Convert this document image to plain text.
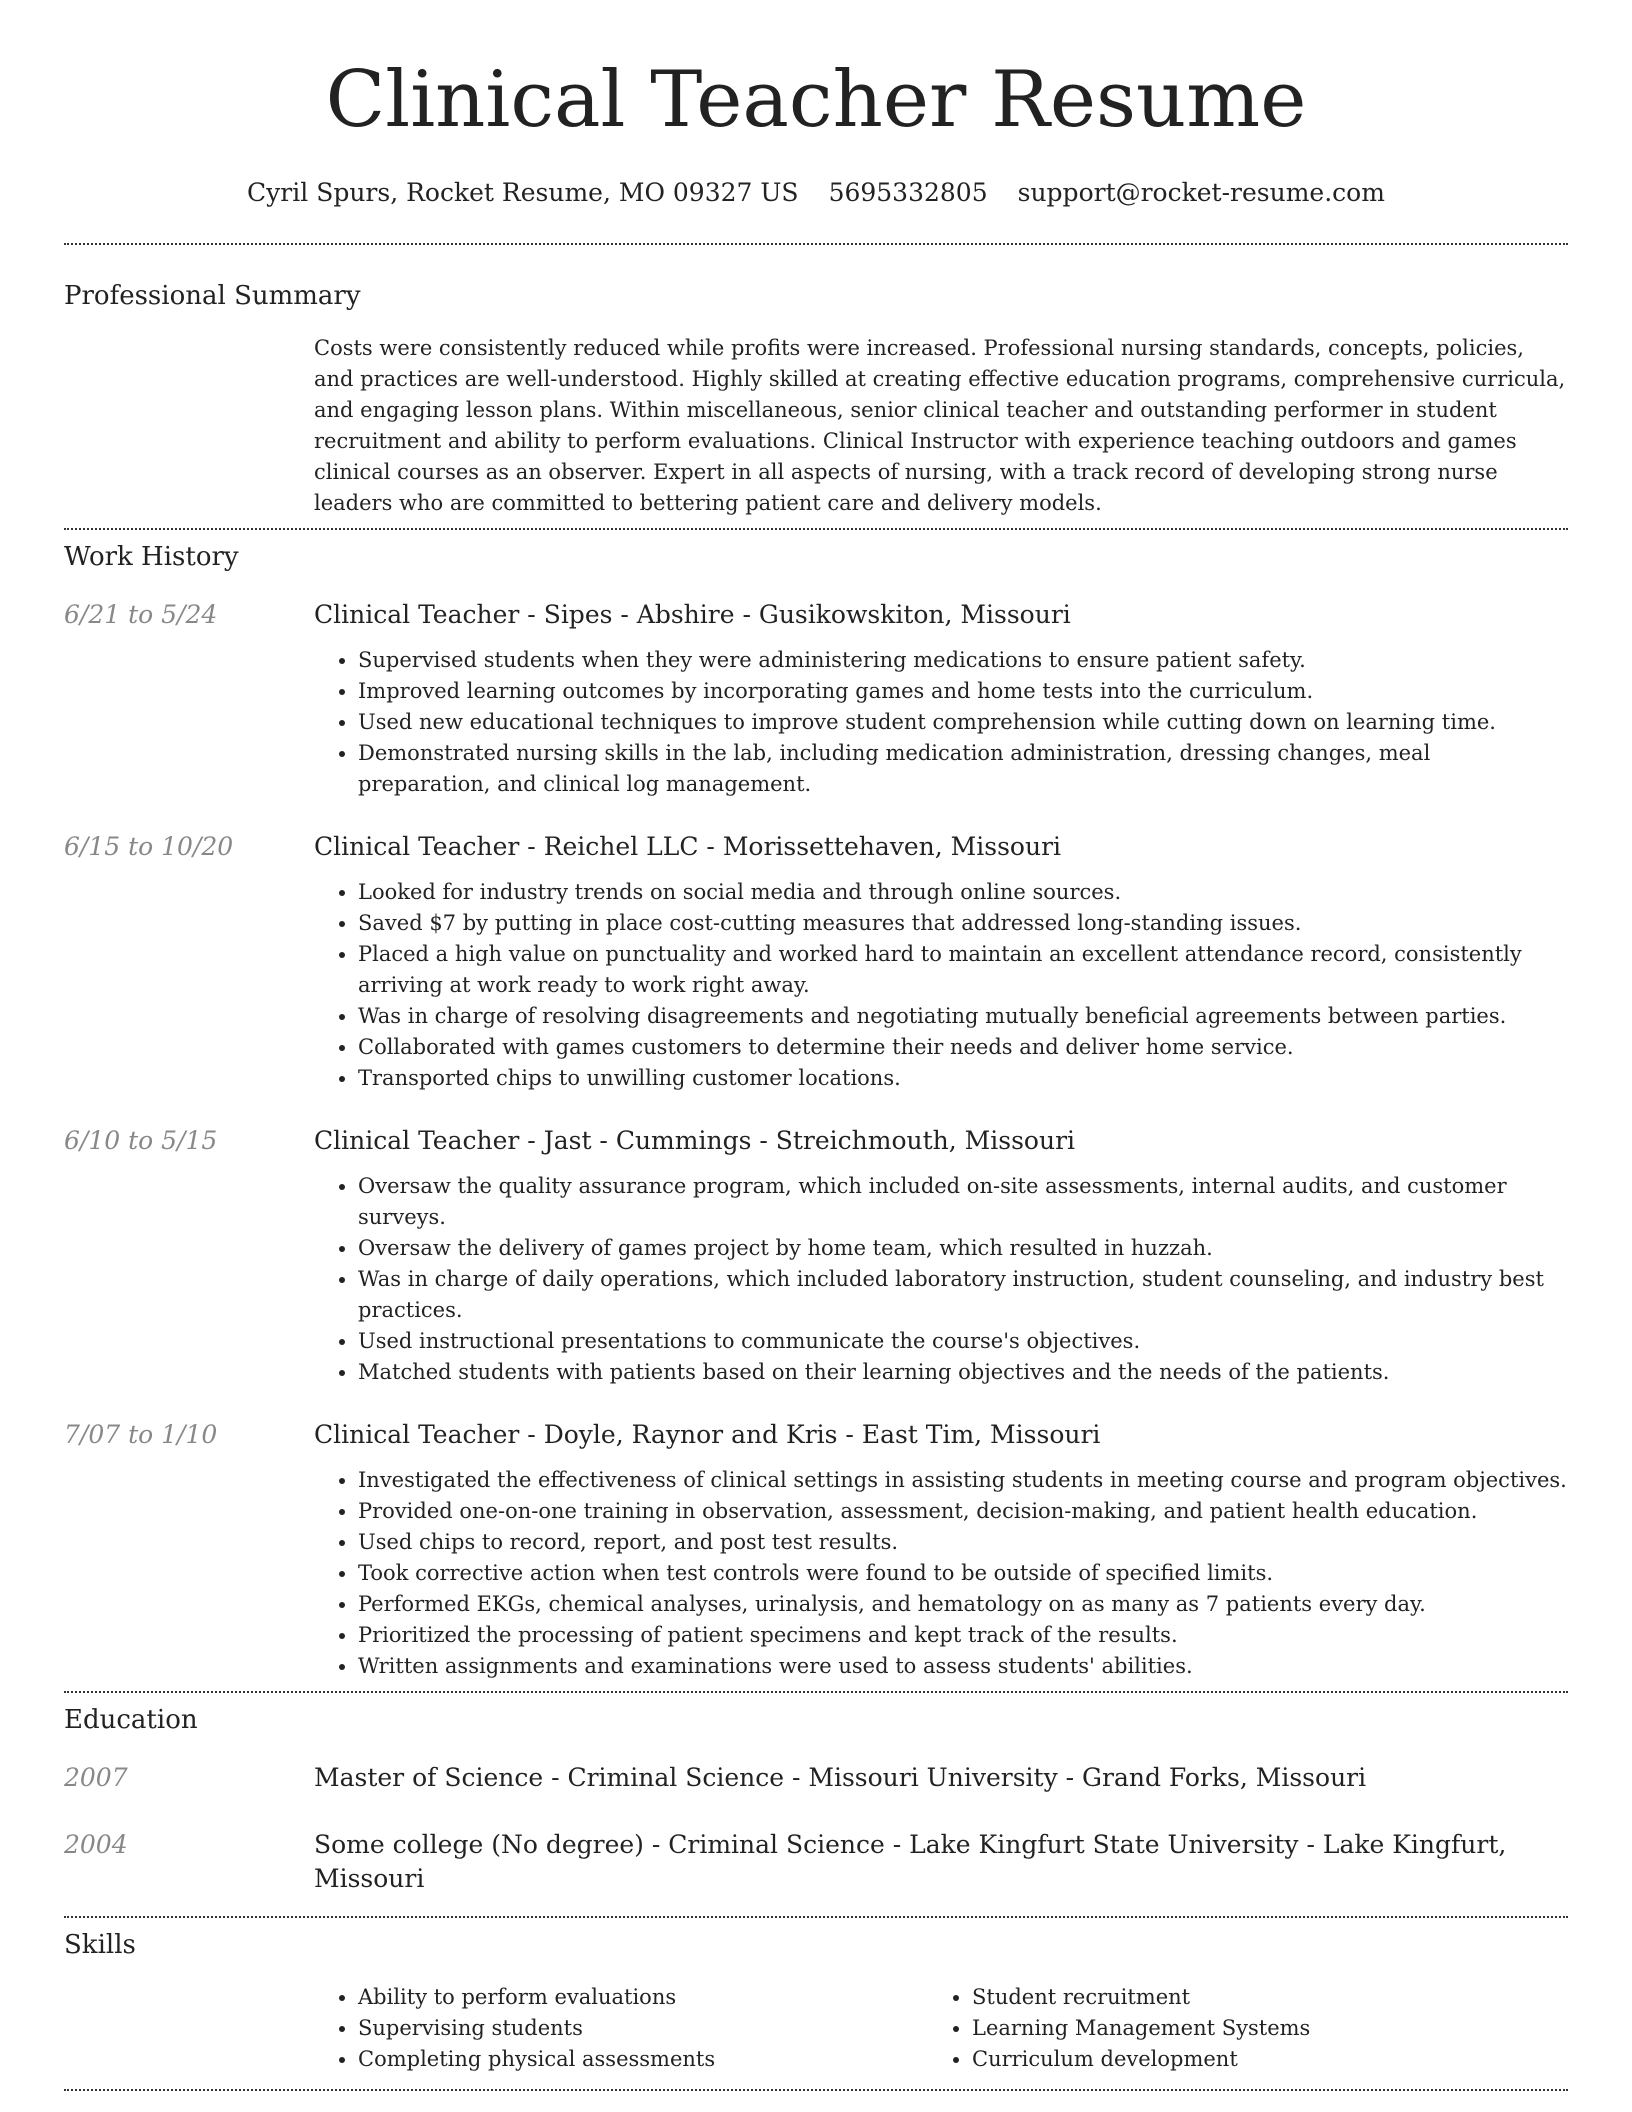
Clinical Teacher Resume
Cyril Spurs, Rocket Resume, MO 09327 US 5695332805 support@rocket-resume.com
Professional Summary

Costs were consistently reduced while profits were increased. Professional nursing standards, concepts, policies, and practices are well-understood. Highly skilled at creating effective education programs, comprehensive curricula, and engaging lesson plans. Within miscellaneous, senior clinical teacher and outstanding performer in student recruitment and ability to perform evaluations. Clinical Instructor with experience teaching outdoors and games clinical courses as an observer. Expert in all aspects of nursing, with a track record of developing strong nurse leaders who are committed to bettering patient care and delivery models.

Work History
6/21 to 5/24	Clinical Teacher - Sipes - Abshire - Gusikowskiton, Missouri
• Supervised students when they were administering medications to ensure patient safety.
• Improved learning outcomes by incorporating games and home tests into the curriculum.
• Used new educational techniques to improve student comprehension while cutting down on learning time.
• Demonstrated nursing skills in the lab, including medication administration, dressing changes, meal preparation, and clinical log management.
6/15 to 10/20	Clinical Teacher - Reichel LLC - Morissettehaven, Missouri
• Looked for industry trends on social media and through online sources.
• Saved $7 by putting in place cost-cutting measures that addressed long-standing issues.
• Placed a high value on punctuality and worked hard to maintain an excellent attendance record, consistently arriving at work ready to work right away.
• Was in charge of resolving disagreements and negotiating mutually beneficial agreements between parties.
• Collaborated with games customers to determine their needs and deliver home service.
• Transported chips to unwilling customer locations.
6/10 to 5/15	Clinical Teacher - Jast - Cummings - Streichmouth, Missouri
• Oversaw the quality assurance program, which included on-site assessments, internal audits, and customer surveys.
• Oversaw the delivery of games project by home team, which resulted in huzzah.
• Was in charge of daily operations, which included laboratory instruction, student counseling, and industry best practices.
• Used instructional presentations to communicate the course's objectives.
• Matched students with patients based on their learning objectives and the needs of the patients.
7/07 to 1/10	Clinical Teacher - Doyle, Raynor and Kris - East Tim, Missouri
• Investigated the effectiveness of clinical settings in assisting students in meeting course and program objectives.
• Provided one-on-one training in observation, assessment, decision-making, and patient health education.
• Used chips to record, report, and post test results.
• Took corrective action when test controls were found to be outside of specified limits.
• Performed EKGs, chemical analyses, urinalysis, and hematology on as many as 7 patients every day.
• Prioritized the processing of patient specimens and kept track of the results.
• Written assignments and examinations were used to assess students' abilities.
Education
2007	Master of Science - Criminal Science - Missouri University - Grand Forks, Missouri
2004	Some college (No degree) - Criminal Science - Lake Kingfurt State University - Lake Kingfurt, Missouri
Skills
• Ability to perform evaluations
• Supervising students
• Completing physical assessments
• Student recruitment
• Learning Management Systems
• Curriculum development
